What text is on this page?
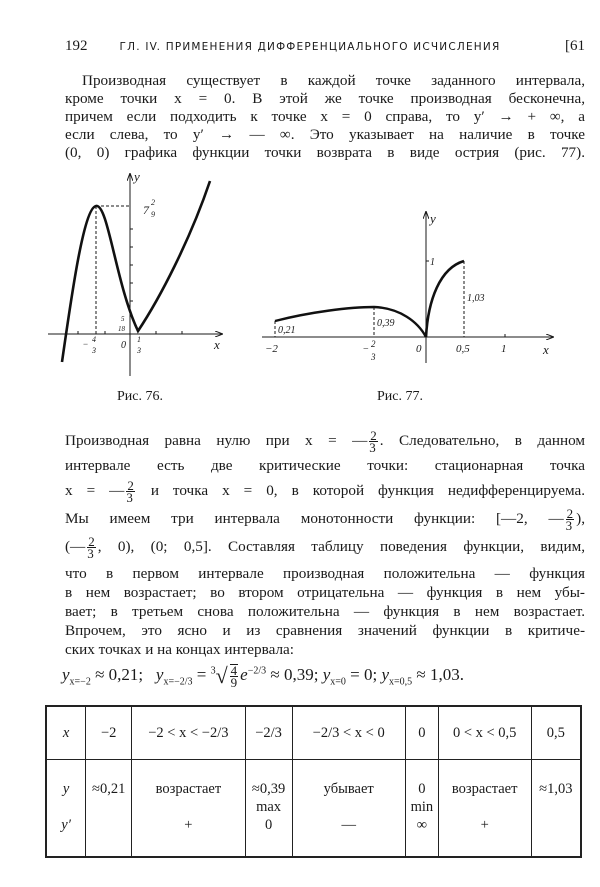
192	ГЛ. IV. ПРИМЕНЕНИЯ ДИФФЕРЕНЦИАЛЬНОГО ИСЧИСЛЕНИЯ	[61
Производная существует в каждой точке заданного интервала,
кроме точки x = 0. В этой же точке производная бесконечна,
причем если подходить к точке x = 0 справа, то y′ → + ∞, а
если слева, то y′ → — ∞. Это указывает на наличие в точке
(0, 0) графика функции точки возврата в виде острия (рис. 77).
y
x
7
2
9
5
18
− 4
3	0
1
3
y
x
1
0,21
0,39
1,03
−2	− 2
3
0	0,5	1
Рис. 76.	Рис. 77.
Производная равна нулю при x = — $\frac{2}{3}$ . Следовательно, в данном
интервале есть две критические точки: стационарная точка
x = — $\frac{2}{3}$ и точка x = 0, в которой функция недифференцируема.
Мы имеем три интервала монотонности функции: [—2, — $\frac{2}{3}$ ),
(— $\frac{2}{3}$ , 0), (0; 0,5]. Составляя таблицу поведения функции, видим,
что в первом интервале производная положительна — функция
в нем возрастает; во втором отрицательна — функция в нем убы-
вает; в третьем снова положительна — функция в нем возрастает.
Впрочем, это ясно и из сравнения значений функции в критиче-
ских точках и на концах интервала:
$y_{x=-2} \approx 0,21$; $y_{x=-2/3} = ^3√ \frac{4}{9} e^{-2/3} \approx 0,39$; $y_{x=0} = 0$; $y_{x=0,5} \approx 1,03$.
x	−2	−2 < x < −2/3	−2/3	−2/3 < x < 0	0	0 < x < 0,5	0,5
y	≈0,21	возрастает	≈0,39	убывает	0	возрастает	≈1,03
			max		min		
y′		+	0	—	∞	+	
